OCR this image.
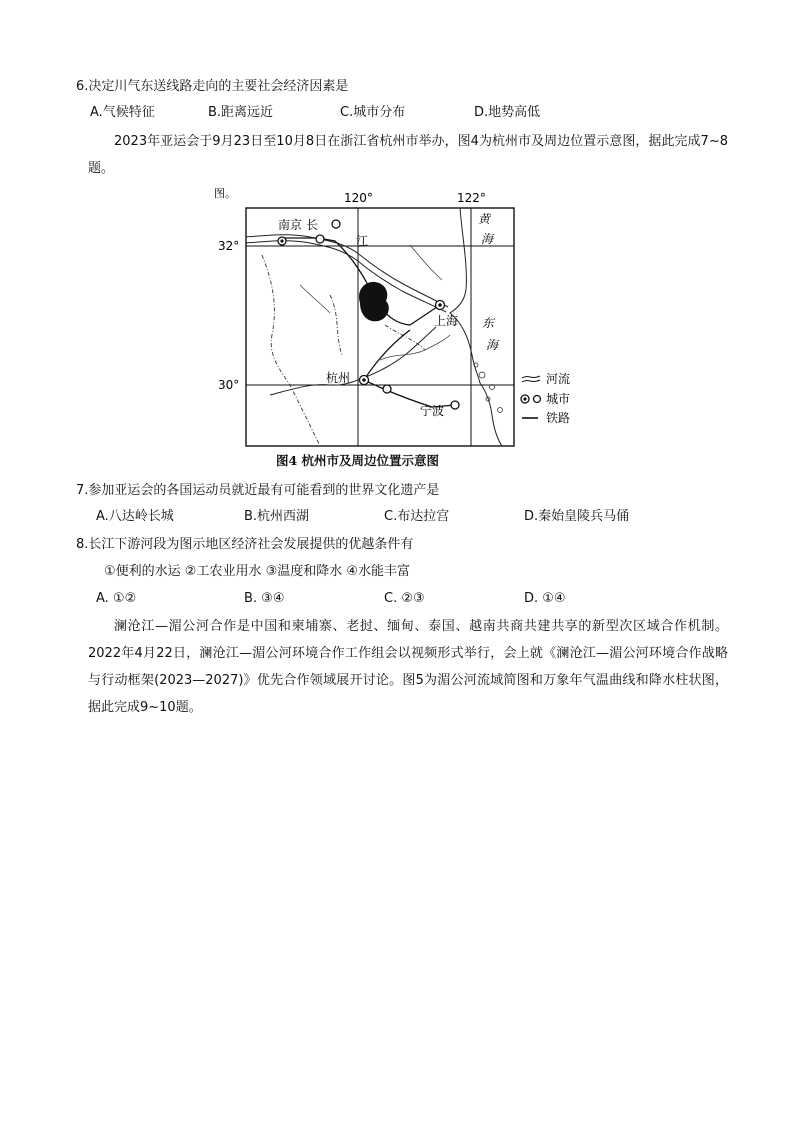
6.决定川气东送线路走向的主要社会经济因素是
A.气候特征	B.距离远近	C.城市分布	D.地势高低
2023年亚运会于9月23日至10月8日在浙江省杭州市举办，图4为杭州市及周边位置示意图，据此完成7~8题。
图。	120°	122°
32°
30°
南京 长
江
上海
杭州
宁波
黄
海
东
海
河流
城市
铁路
图4 杭州市及周边位置示意图
7.参加亚运会的各国运动员就近最有可能看到的世界文化遗产是
A.八达岭长城	B.杭州西湖	C.布达拉宫	D.秦始皇陵兵马俑
8.长江下游河段为图示地区经济社会发展提供的优越条件有
①便利的水运 ②工农业用水 ③温度和降水 ④水能丰富
A. ①②	B. ③④	C. ②③	D. ①④
澜沧江—湄公河合作是中国和柬埔寨、老挝、缅甸、泰国、越南共商共建共享的新型次区域合作机制。2022年4月22日，澜沧江—湄公河环境合作工作组会以视频形式举行，会上就《澜沧江—湄公河环境合作战略与行动框架(2023—2027)》优先合作领域展开讨论。图5为湄公河流域简图和万象年气温曲线和降水柱状图，据此完成9~10题。
